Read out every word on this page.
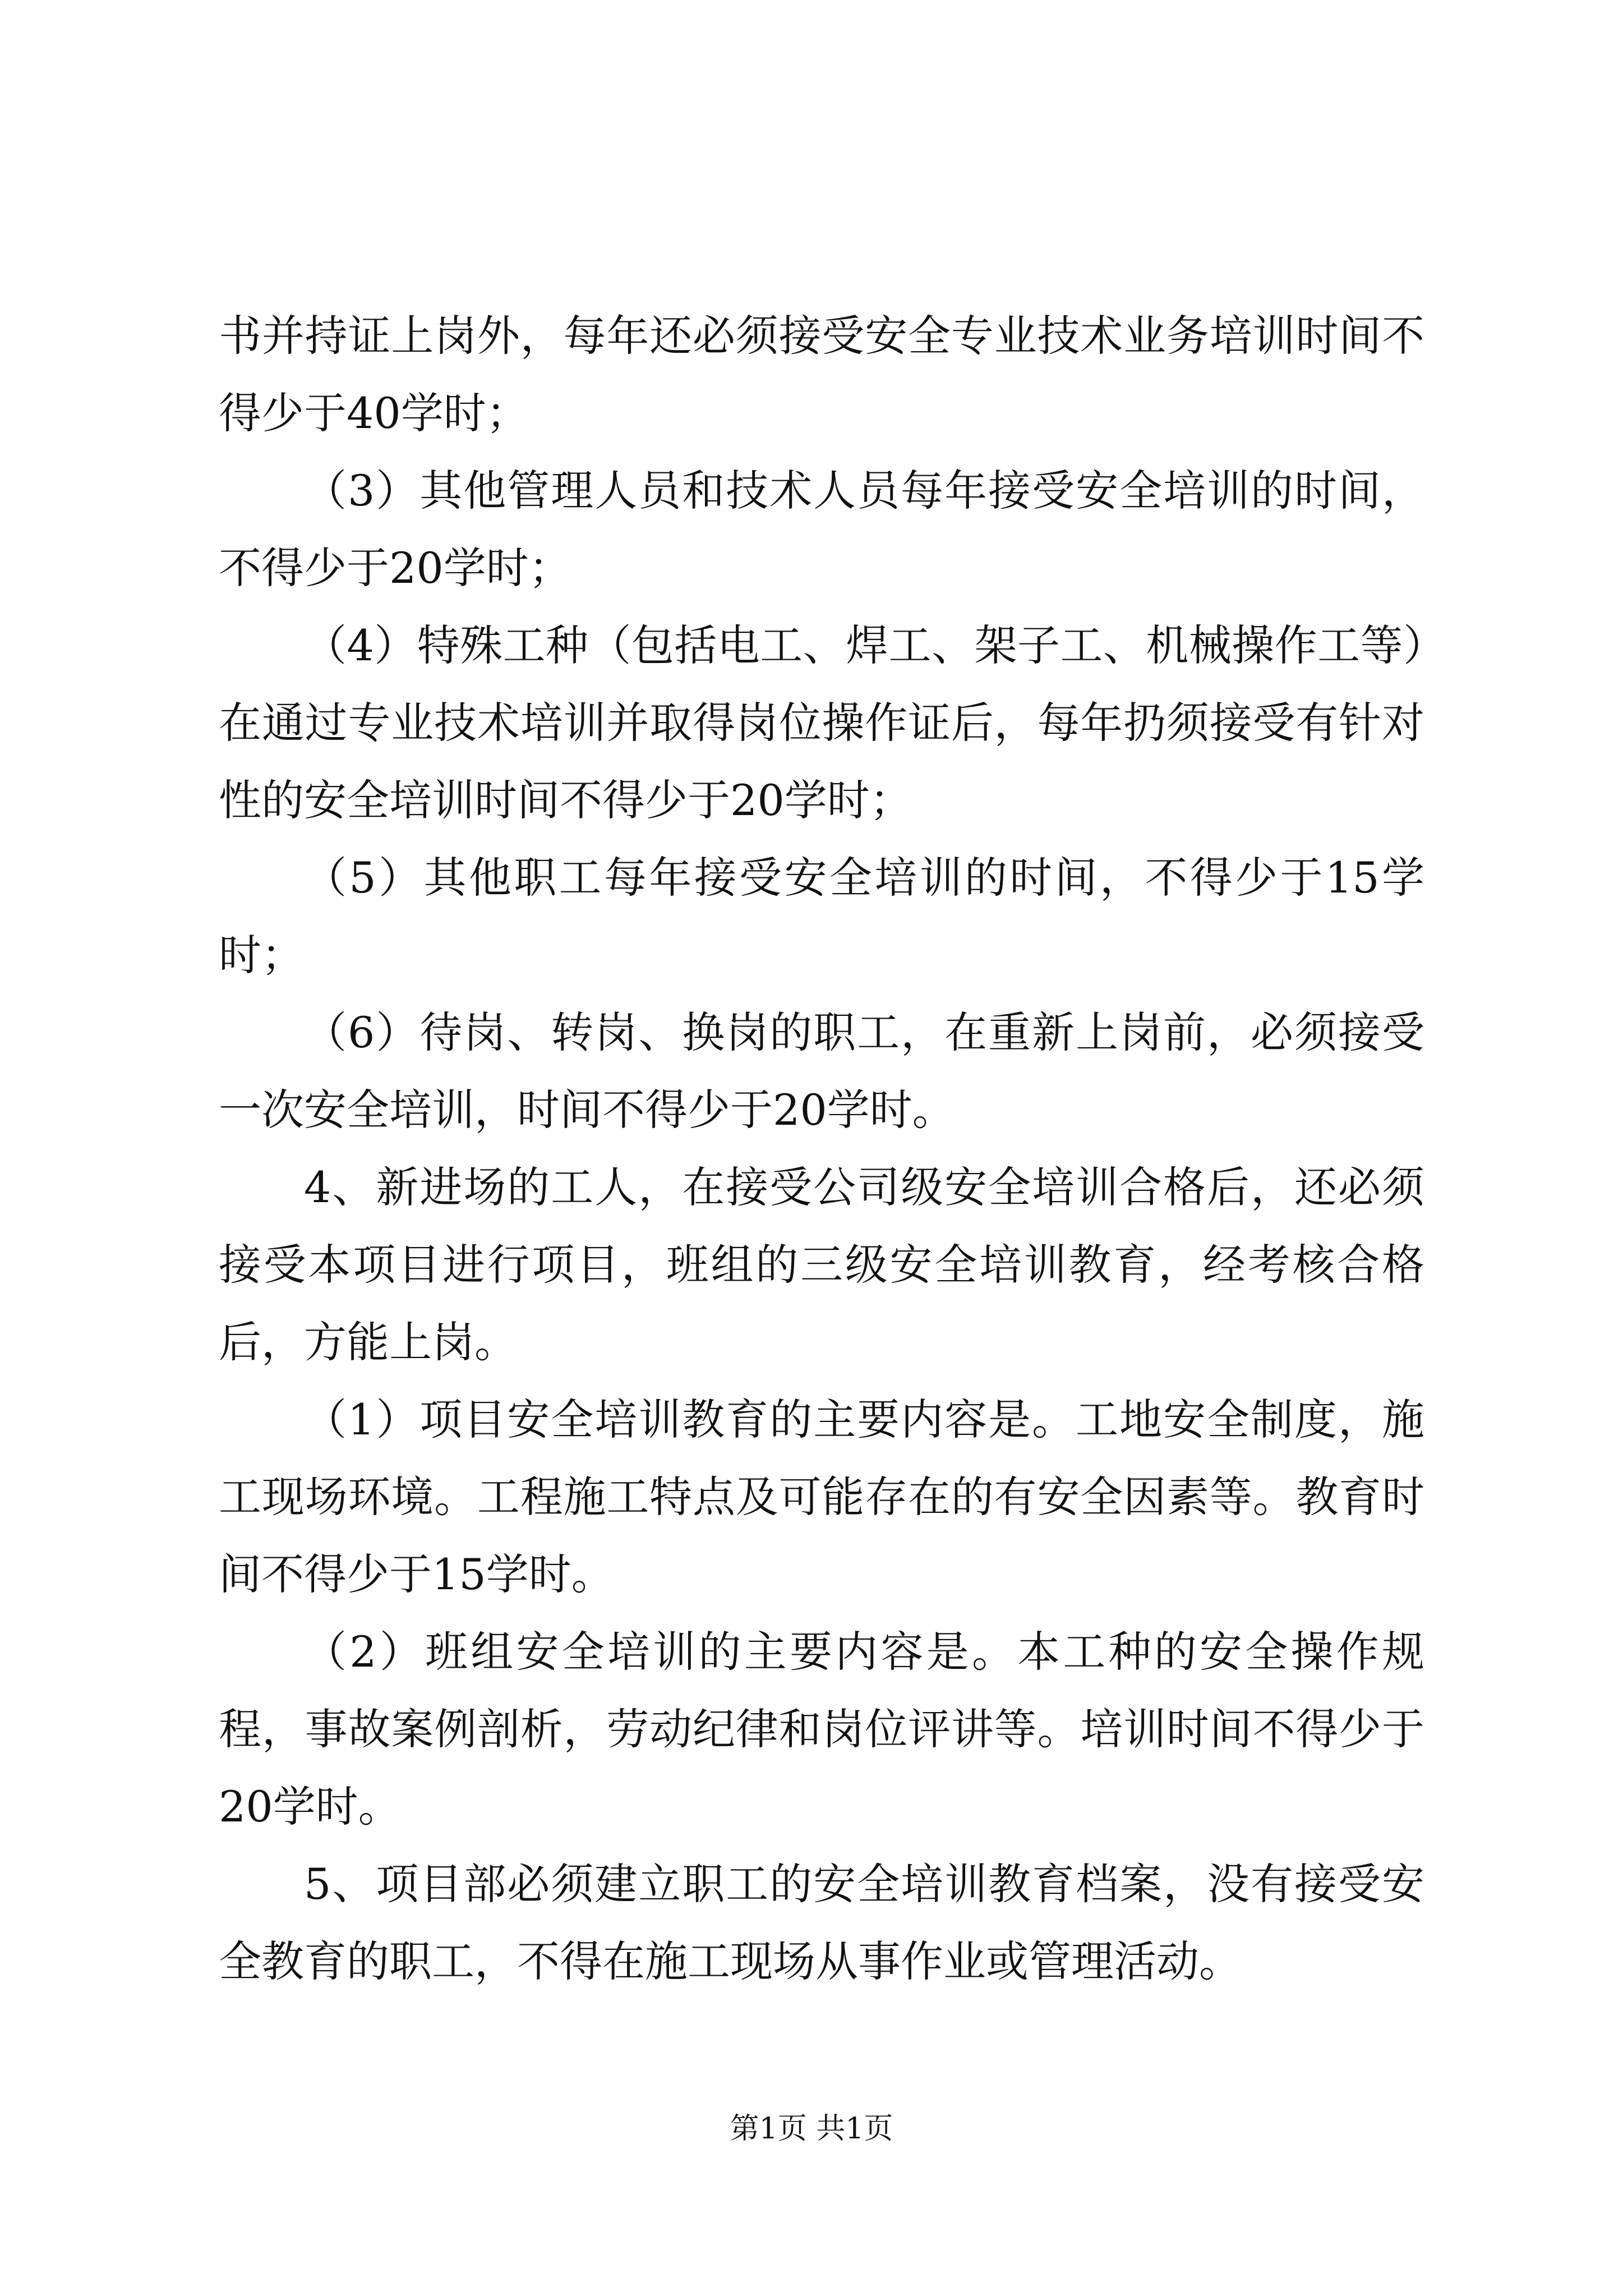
书并持证上岗外，每年还必须接受安全专业技术业务培训时间不得少于40学时；

（3）其他管理人员和技术人员每年接受安全培训的时间，不得少于20学时；

（4）特殊工种（包括电工、焊工、架子工、机械操作工等）在通过专业技术培训并取得岗位操作证后，每年扔须接受有针对性的安全培训时间不得少于20学时；

（5）其他职工每年接受安全培训的时间，不得少于15学时；

（6）待岗、转岗、换岗的职工，在重新上岗前，必须接受一次安全培训，时间不得少于20学时。

4、新进场的工人，在接受公司级安全培训合格后，还必须接受本项目进行项目，班组的三级安全培训教育，经考核合格后，方能上岗。

（1）项目安全培训教育的主要内容是。工地安全制度，施工现场环境。工程施工特点及可能存在的有安全因素等。教育时间不得少于15学时。

（2）班组安全培训的主要内容是。本工种的安全操作规程，事故案例剖析，劳动纪律和岗位评讲等。培训时间不得少于20学时。

5、项目部必须建立职工的安全培训教育档案，没有接受安全教育的职工，不得在施工现场从事作业或管理活动。

第1页 共1页
